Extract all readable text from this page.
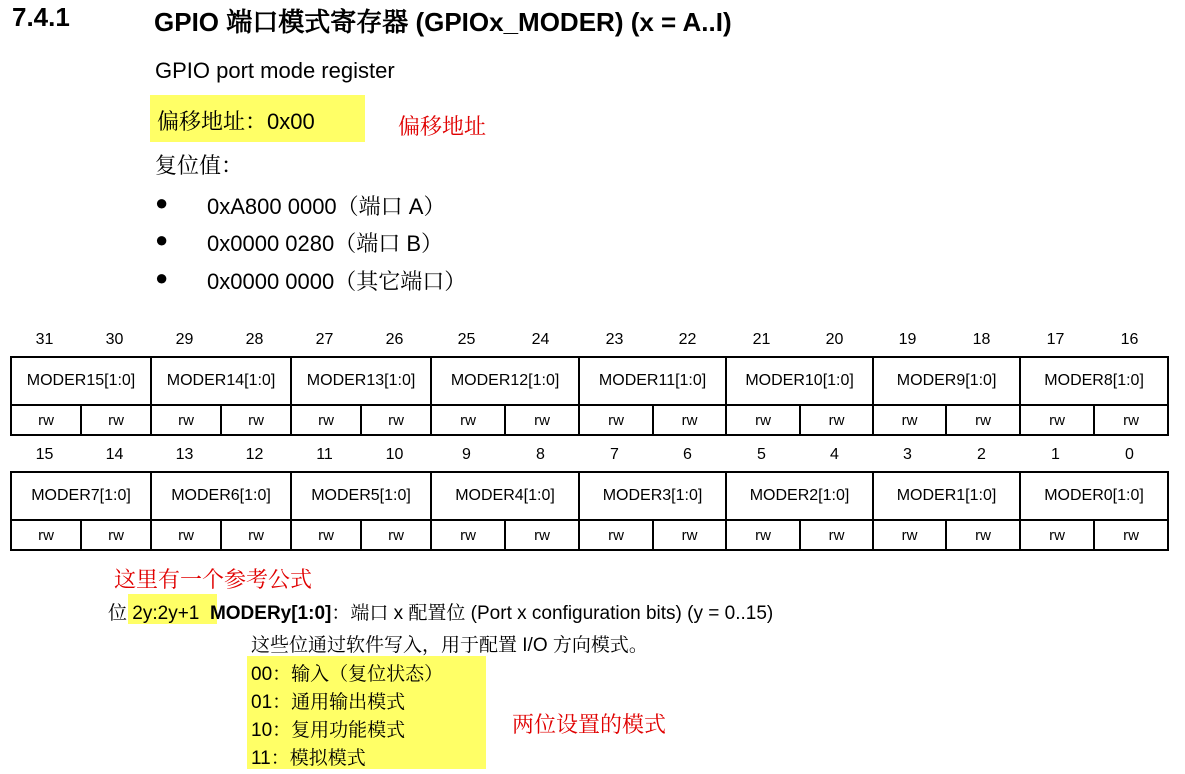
7.4.1	GPIO 端口模式寄存器 (GPIOx_MODER) (x = A..I)
GPIO port mode register
偏移地址：0x00	偏移地址
复位值：
● 0xA800 0000（端口 A）
● 0x0000 0280（端口 B）
● 0x0000 0000（其它端口）
31	30	29	28	27	26	25	24	23	22	21	20	19	18	17	16
MODER15[1:0]		MODER14[1:0]		MODER13[1:0]		MODER12[1:0]		MODER11[1:0]		MODER10[1:0]		MODER9[1:0]		MODER8[1:0]	
rw	rw	rw	rw	rw	rw	rw	rw	rw	rw	rw	rw	rw	rw	rw	rw
15	14	13	12	11	10	9	8	7	6	5	4	3	2	1	0
MODER7[1:0]		MODER6[1:0]		MODER5[1:0]		MODER4[1:0]		MODER3[1:0]		MODER2[1:0]		MODER1[1:0]		MODER0[1:0]	
rw	rw	rw	rw	rw	rw	rw	rw	rw	rw	rw	rw	rw	rw	rw	rw
这里有一个参考公式
位 2y:2y+1 MODERy[1:0]：端口 x 配置位 (Port x configuration bits) (y = 0..15)
这些位通过软件写入，用于配置 I/O 方向模式。
00：输入（复位状态）
01：通用输出模式
10：复用功能模式
11：模拟模式
两位设置的模式
